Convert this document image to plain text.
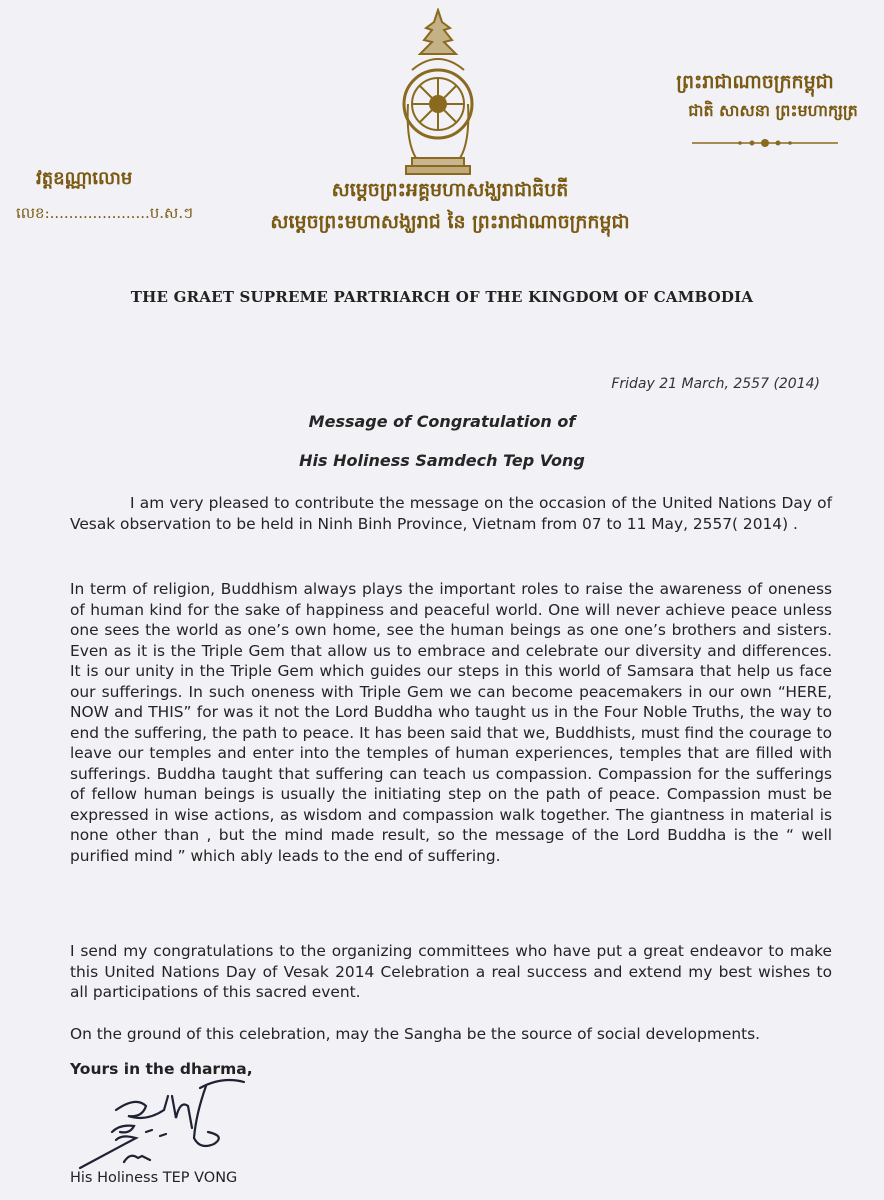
ព្រះរាជាណាចក្រកម្ពុជា
ជាតិ សាសនា ព្រះមហាក្សត្រ
វត្តឧណ្ណាលោម
លេខ:.....................ប.ស.ៗ
សម្តេចព្រះអគ្គមហាសង្ឃរាជាធិបតី
សម្តេចព្រះមហាសង្ឃរាជ នៃ ព្រះរាជាណាចក្រកម្ពុជា
THE GRAET SUPREME PARTRIARCH OF THE KINGDOM OF CAMBODIA
Friday 21 March, 2557 (2014)
Message of Congratulation of
His Holiness Samdech Tep Vong
I am very pleased to contribute the message on the occasion of the United Nations Day of Vesak observation to be held in Ninh Binh Province, Vietnam from 07 to 11 May, 2557( 2014) .
In term of religion, Buddhism always plays the important roles to raise the awareness of oneness of human kind for the sake of happiness and peaceful world. One will never achieve peace unless one sees the world as one’s own home, see the human beings as one one’s brothers and sisters. Even as it is the Triple Gem that allow us to embrace and celebrate our diversity and differences. It is our unity in the Triple Gem which guides our steps in this world of Samsara that help us face our sufferings. In such oneness with Triple Gem we can become peacemakers in our own “HERE, NOW and THIS” for was it not the Lord Buddha who taught us in the Four Noble Truths, the way to end the suffering, the path to peace. It has been said that we, Buddhists, must find the courage to leave our temples and enter into the temples of human experiences, temples that are filled with sufferings. Buddha taught that suffering can teach us compassion. Compassion for the sufferings of fellow human beings is usually the initiating step on the path of peace. Compassion must be expressed in wise actions, as wisdom and compassion walk together. The giantness in material is none other than , but the mind made result, so the message of the Lord Buddha is the “ well purified mind ” which ably leads to the end of suffering.
I send my congratulations to the organizing committees who have put a great endeavor to make this United Nations Day of Vesak 2014 Celebration a real success and extend my best wishes to all participations of this sacred event.
On the ground of this celebration, may the Sangha be the source of social developments.
Yours in the dharma,
His Holiness TEP VONG
